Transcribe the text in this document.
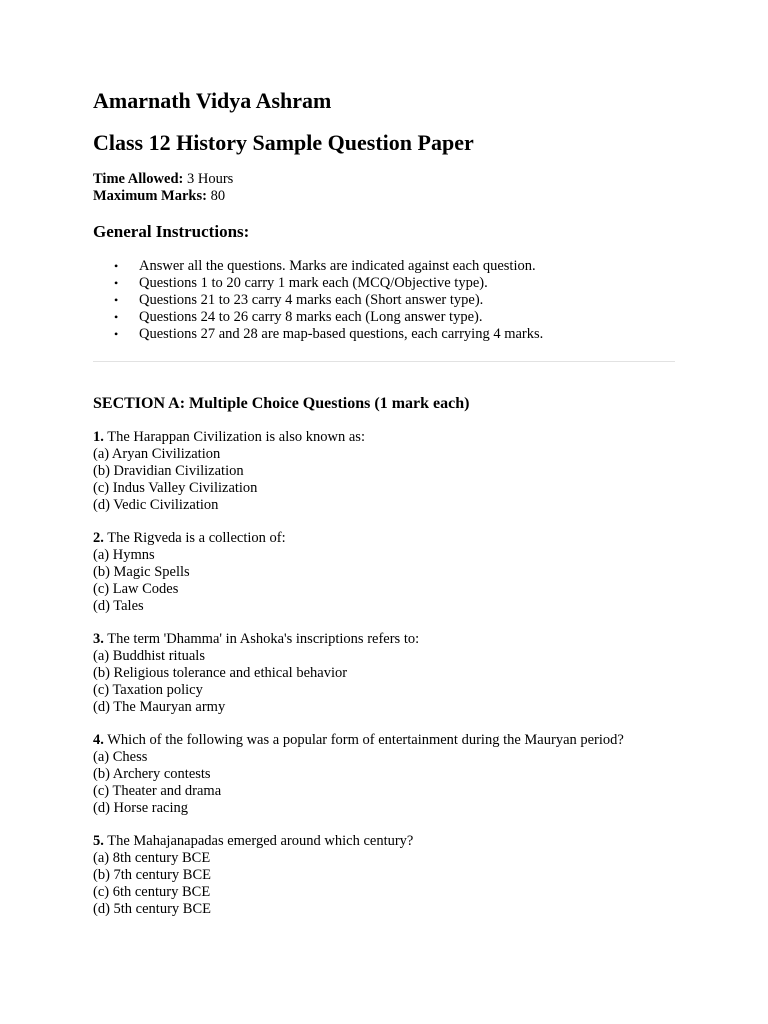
Amarnath Vidya Ashram
Class 12 History Sample Question Paper
Time Allowed: 3 Hours
Maximum Marks: 80
General Instructions:
• Answer all the questions. Marks are indicated against each question.
• Questions 1 to 20 carry 1 mark each (MCQ/Objective type).
• Questions 21 to 23 carry 4 marks each (Short answer type).
• Questions 24 to 26 carry 8 marks each (Long answer type).
• Questions 27 and 28 are map-based questions, each carrying 4 marks.
SECTION A: Multiple Choice Questions (1 mark each)
1. The Harappan Civilization is also known as:
(a) Aryan Civilization
(b) Dravidian Civilization
(c) Indus Valley Civilization
(d) Vedic Civilization
2. The Rigveda is a collection of:
(a) Hymns
(b) Magic Spells
(c) Law Codes
(d) Tales
3. The term 'Dhamma' in Ashoka's inscriptions refers to:
(a) Buddhist rituals
(b) Religious tolerance and ethical behavior
(c) Taxation policy
(d) The Mauryan army
4. Which of the following was a popular form of entertainment during the Mauryan period?
(a) Chess
(b) Archery contests
(c) Theater and drama
(d) Horse racing
5. The Mahajanapadas emerged around which century?
(a) 8th century BCE
(b) 7th century BCE
(c) 6th century BCE
(d) 5th century BCE
